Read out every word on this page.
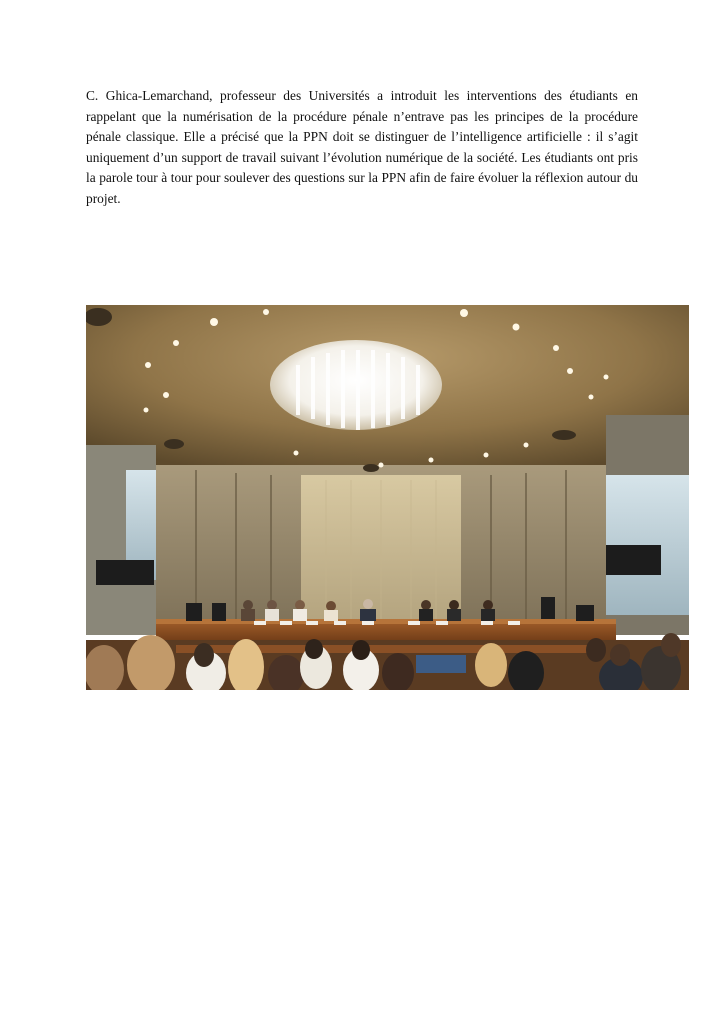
C. Ghica-Lemarchand, professeur des Universités a introduit les interventions des étudiants en rappelant que la numérisation de la procédure pénale n’entrave pas les principes de la procédure pénale classique. Elle a précisé que la PPN doit se distinguer de l’intelligence artificielle : il s’agit uniquement d’un support de travail suivant l’évolution numérique de la société. Les étudiants ont pris la parole tour à tour pour soulever des questions sur la PPN afin de faire évoluer la réflexion autour du projet.
